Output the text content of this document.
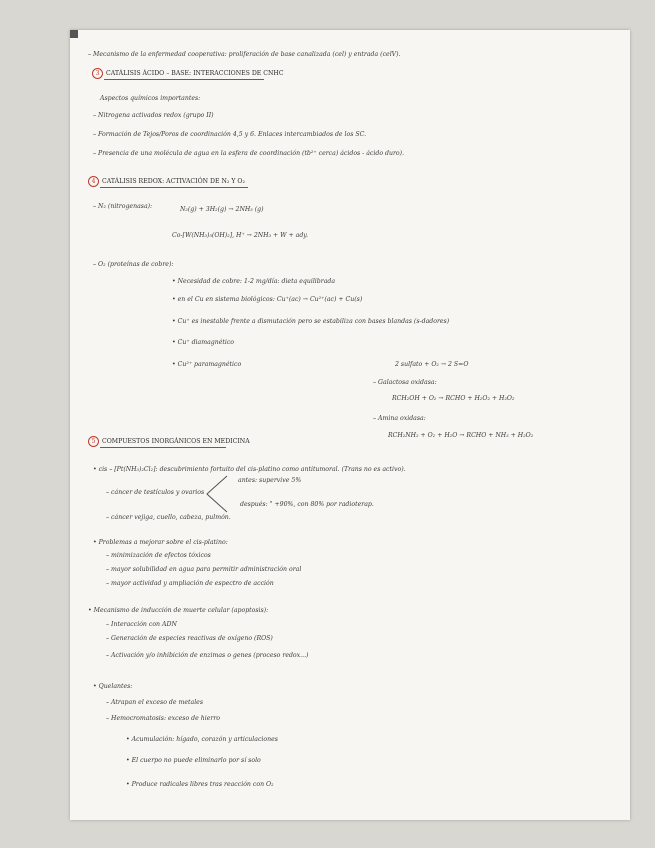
– Mecanismo de la enfermedad cooperativa: proliferación de base canalizada (cel) y entrada (celV).
3 CATÁLISIS ÁCIDO – BASE: INTERACCIONES DE CNHC
Aspectos químicos importantes:
– Nitrogena activados redox (grupo II)
– Formación de Tejos/Poros de coordinación 4,5 y 6. Enlaces intercambiados de los SC.
– Presencia de una molécula de agua en la esfera de coordinación (tb²⁺ cerca) ácidos - ácido duro).
4 CATÁLISIS REDOX: ACTIVACIÓN DE N₂ Y O₂
– N₂ (nitrogenasa):	N₂(g) + 3H₂(g) → 2NH₃ (g)
Co-[W(NH₃)₅(OH)₂], H⁺ → 2NH₃ + W + ady.
– O₂ (proteínas de cobre):
• Necesidad de cobre: 1-2 mg/día: dieta equilibrada
• en el Cu en sistema biológicos: Cu⁺(ac) → Cu²⁺(ac) + Cu(s)
• Cu⁺ es inestable frente a dismutación pero se estabiliza con bases blandas (s-dadores)
• Cu⁺ diamagnético
• Cu²⁺ paramagnético	2 sulfato + O₂ → 2 S=O
– Galactosa oxidasa:
RCH₂OH + O₂ → RCHO + H₂O₂ + H₂O₂
– Amina oxidasa:
RCH₂NH₂ + O₂ + H₂O → RCHO + NH₃ + H₂O₂
5 COMPUESTOS INORGÁNICOS EN MEDICINA
• cis – [Pt(NH₃)₂Cl₂]: descubrimiento fortuito del cis-platino como antitumoral. (Trans no es activo).
antes: supervive 5%
– cáncer de testículos y ovarios
después: " +90%, con 80% por radioterap.
– cáncer vejiga, cuello, cabeza, pulmón.
• Problemas a mejorar sobre el cis-platino:
– minimización de efectos tóxicos
– mayor solubilidad en agua para permitir administración oral
– mayor actividad y ampliación de espectro de acción
• Mecanismo de inducción de muerte celular (apoptosis):
– Interacción con ADN
– Generación de especies reactivas de oxígeno (ROS)
– Activación y/o inhibición de enzimas o genes (proceso redox...)
• Quelantes:
– Atrapan el exceso de metales
– Hemocromatosis: exceso de hierro
• Acumulación: hígado, corazón y articulaciones
• El cuerpo no puede eliminarlo por sí solo
• Produce radicales libres tras reacción con O₂
